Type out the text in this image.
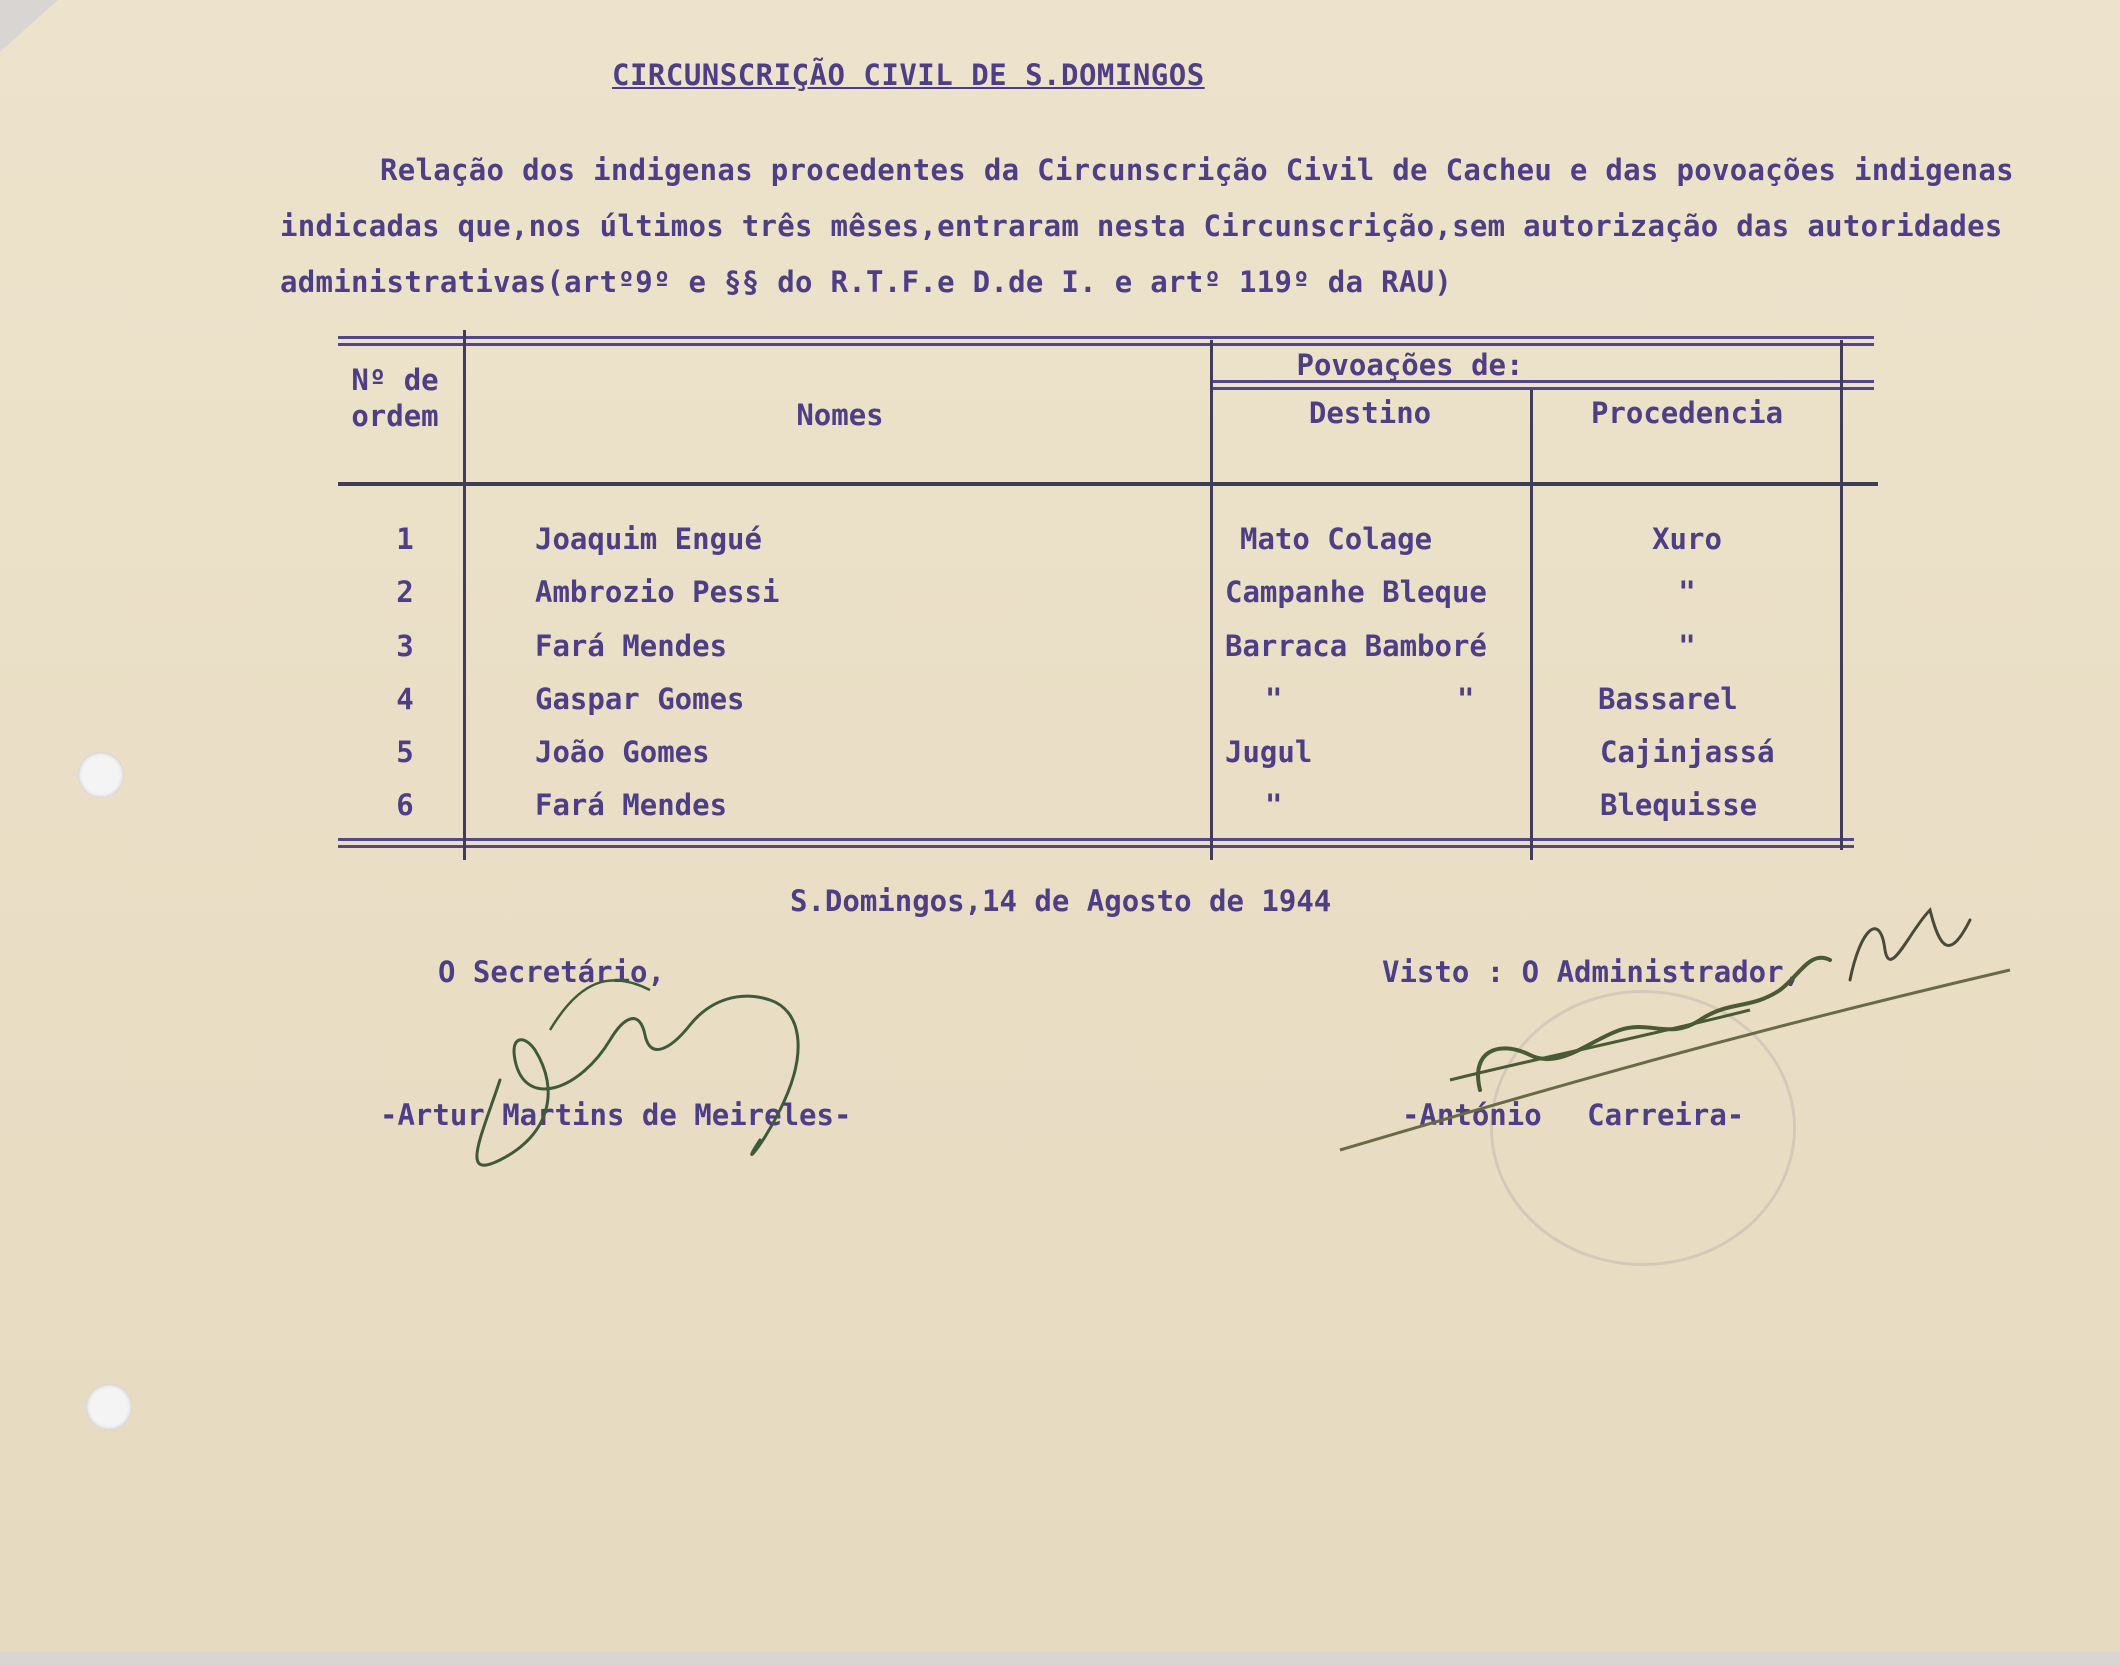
CIRCUNSCRIÇÃO CIVIL DE S.DOMINGOS
Relação dos indigenas procedentes da Circunscrição Civil de Cacheu e das povoações indigenas indicadas que,nos últimos três mêses,entraram nesta Circunscrição,sem autorização das autoridades administrativas(artº9º e §§ do R.T.F.e D.de I. e artº 119º da RAU)
Nº de ordem	Nomes
Povoações de:
Destino	Procedencia
1	Joaquim Engué	Mato Colage	Xuro
2	Ambrozio Pessi	Campanhe Bleque	"
3	Fará Mendes	Barraca Bamboré	"
4	Gaspar Gomes	"          "	Bassarel
5	João Gomes	Jugul	Cajinjassá
6	Fará Mendes	"	Blequisse
S.Domingos,14 de Agosto de 1944
O Secretário,
-Artur Martins de Meireles-
Visto : O Administrador,
-António Carreira-
